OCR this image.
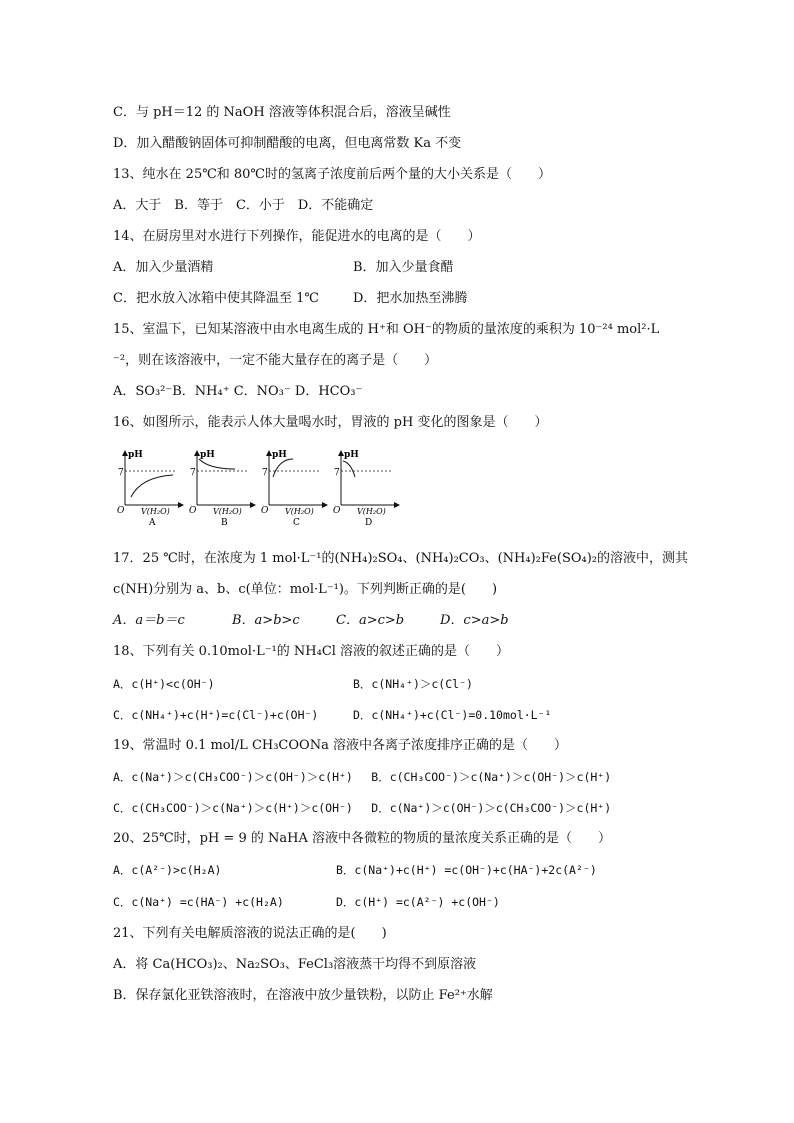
C．与 pH＝12 的 NaOH 溶液等体积混合后，溶液呈碱性
D．加入醋酸钠固体可抑制醋酸的电离，但电离常数 Ka 不变
13、纯水在 25℃和 80℃时的氢离子浓度前后两个量的大小关系是（　　）
A．大于　B．等于　C．小于　D．不能确定
14、在厨房里对水进行下列操作，能促进水的电离的是（　　）
A．加入少量酒精	B．加入少量食醋
C．把水放入冰箱中使其降温至 1℃	D．把水加热至沸腾
15、室温下，已知某溶液中由水电离生成的 H⁺和 OH⁻的物质的量浓度的乘积为 10⁻²⁴ mol²·L
⁻²，则在该溶液中，一定不能大量存在的离子是（　　）
A．SO₃²⁻B．NH₄⁺ C．NO₃⁻ D．HCO₃⁻
16、如图所示，能表示人体大量喝水时，胃液的 pH 变化的图象是（　　）
pH
7
O V(H₂O)
A
pH
7
O V(H₂O)
B
pH
7
O V(H₂O)
C
pH
7
O V(H₂O)
D
17．25 ℃时，在浓度为 1 mol·L⁻¹的(NH₄)₂SO₄、(NH₄)₂CO₃、(NH₄)₂Fe(SO₄)₂的溶液中，测其
c(NH)分别为 a、b、c(单位：mol·L⁻¹)。下列判断正确的是(　　)
A．a＝b＝c	B．a>b>c	C．a>c>b	D．c>a>b
18、下列有关 0.10mol·L⁻¹的 NH₄Cl 溶液的叙述正确的是（　　）
A．c(H⁺)<c(OH⁻)	B．c(NH₄⁺)＞c(Cl⁻)
C．c(NH₄⁺)+c(H⁺)=c(Cl⁻)+c(OH⁻)	D．c(NH₄⁺)+c(Cl⁻)=0.10mol·L⁻¹
19、常温时 0.1 mol/L CH₃COONa 溶液中各离子浓度排序正确的是（　　）
A．c(Na⁺)＞c(CH₃COO⁻)＞c(OH⁻)＞c(H⁺)　 B．c(CH₃COO⁻)＞c(Na⁺)＞c(OH⁻)＞c(H⁺)
C．c(CH₃COO⁻)＞c(Na⁺)＞c(H⁺)＞c(OH⁻)　 D．c(Na⁺)＞c(OH⁻)＞c(CH₃COO⁻)＞c(H⁺)
20、25℃时，pH = 9 的 NaHA 溶液中各微粒的物质的量浓度关系正确的是（　　）
A．c(A²⁻)>c(H₂A)	B．c(Na⁺)+c(H⁺) =c(OH⁻)+c(HA⁻)+2c(A²⁻)
C．c(Na⁺) =c(HA⁻) +c(H₂A)	D．c(H⁺) =c(A²⁻) +c(OH⁻)
21、下列有关电解质溶液的说法正确的是(　　)
A．将 Ca(HCO₃)₂、Na₂SO₃、FeCl₃溶液蒸干均得不到原溶液
B．保存氯化亚铁溶液时，在溶液中放少量铁粉，以防止 Fe²⁺水解
